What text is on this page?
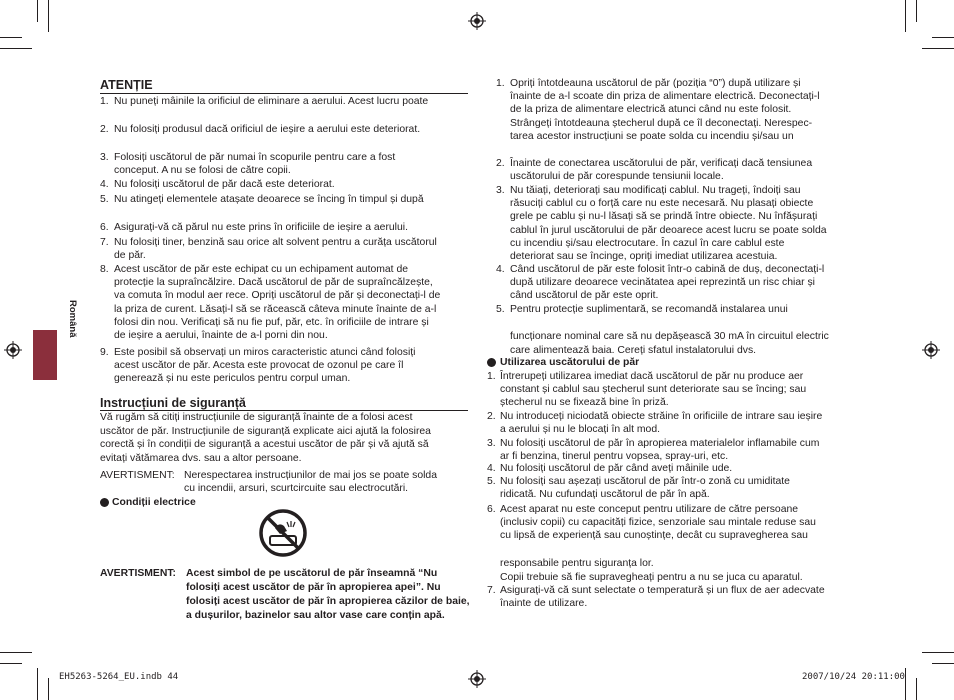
Română
ATENȚIE
1. Nu puneți mâinile la orificiul de eliminare a aerului. Acest lucru poate
2. Nu folosiți produsul dacă orificiul de ieșire a aerului este deteriorat.
3. Folosiți uscătorul de păr numai în scopurile pentru care a fost
conceput. A nu se folosi de către copii.
4. Nu folosiți uscătorul de păr dacă este deteriorat.
5. Nu atingeți elementele atașate deoarece se încing în timpul și după
6. Asigurați-vă că părul nu este prins în orificiile de ieșire a aerului.
7. Nu folosiți tiner, benzină sau orice alt solvent pentru a curăța uscătorul
de păr.
8. Acest uscător de păr este echipat cu un echipament automat de
protecție la supraîncălzire. Dacă uscătorul de păr de supraîncălzește,
va comuta în modul aer rece. Opriți uscătorul de păr și deconectați-l de
la priza de curent. Lăsați-l să se răcească câteva minute înainte de a-l
folosi din nou. Verificați să nu fie puf, păr, etc. în orificiile de intrare și
de ieșire a aerului, înainte de a-l porni din nou.
9. Este posibil să observați un miros caracteristic atunci când folosiți
acest uscător de păr. Acesta este provocat de ozonul pe care îl
generează și nu este periculos pentru corpul uman.
Instrucțiuni de siguranță
Vă rugăm să citiți instrucțiunile de siguranță înainte de a folosi acest
uscător de păr. Instrucțiunile de siguranță explicate aici ajută la folosirea
corectă și în condiții de siguranță a acestui uscător de păr și vă ajută să
evitați vătămarea dvs. sau a altor persoane.
AVERTISMENT: Nerespectarea instrucțiunilor de mai jos se poate solda
cu incendii, arsuri, scurtcircuite sau electrocutări.
Condiții electrice
AVERTISMENT: Acest simbol de pe uscătorul de păr înseamnă “Nu
folosiți acest uscător de păr în apropierea apei”. Nu
folosiți acest uscător de păr în apropierea căzilor de baie,
a dușurilor, bazinelor sau altor vase care conțin apă.
1. Opriți întotdeauna uscătorul de păr (poziția “0”) după utilizare și
înainte de a-l scoate din priza de alimentare electrică. Deconectați-l
de la priza de alimentare electrică atunci când nu este folosit.
Strângeți întotdeauna ștecherul după ce îl deconectați. Nerespec-
tarea acestor instrucțiuni se poate solda cu incendiu și/sau un
2. Înainte de conectarea uscătorului de păr, verificați dacă tensiunea
uscătorului de păr corespunde tensiunii locale.
3. Nu tăiați, deteriorați sau modificați cablul. Nu trageți, îndoiți sau
răsuciți cablul cu o forță care nu este necesară. Nu plasați obiecte
grele pe cablu și nu-l lăsați să se prindă între obiecte. Nu înfășurați
cablul în jurul uscătorului de păr deoarece acest lucru se poate solda
cu incendiu și/sau electrocutare. În cazul în care cablul este
deteriorat sau se încinge, opriți imediat utilizarea acestuia.
4. Când uscătorul de păr este folosit într-o cabină de duș, deconectați-l
după utilizare deoarece vecinătatea apei reprezintă un risc chiar și
când uscătorul de păr este oprit.
5. Pentru protecție suplimentară, se recomandă instalarea unui
funcționare nominal care să nu depășească 30 mA în circuitul electric
care alimentează baia. Cereți sfatul instalatorului dvs.
Utilizarea uscătorului de păr
1. Întrerupeți utilizarea imediat dacă uscătorul de păr nu produce aer
constant și cablul sau ștecherul sunt deteriorate sau se încing; sau
ștecherul nu se fixează bine în priză.
2. Nu introduceți niciodată obiecte străine în orificiile de intrare sau ieșire
a aerului și nu le blocați în alt mod.
3. Nu folosiți uscătorul de păr în apropierea materialelor inflamabile cum
ar fi benzina, tinerul pentru vopsea, spray-uri, etc.
4. Nu folosiți uscătorul de păr când aveți mâinile ude.
5. Nu folosiți sau așezați uscătorul de păr într-o zonă cu umiditate
ridicată. Nu cufundați uscătorul de păr în apă.
6. Acest aparat nu este conceput pentru utilizare de către persoane
(inclusiv copii) cu capacități fizice, senzoriale sau mintale reduse sau
cu lipsă de experiență sau cunoștințe, decât cu supravegherea sau
responsabile pentru siguranța lor.
Copii trebuie să fie supravegheați pentru a nu se juca cu aparatul.
7. Asigurați-vă că sunt selectate o temperatură și un flux de aer adecvate
înainte de utilizare.
EH5263-5264_EU.indb 44	2007/10/24 20:11:00
